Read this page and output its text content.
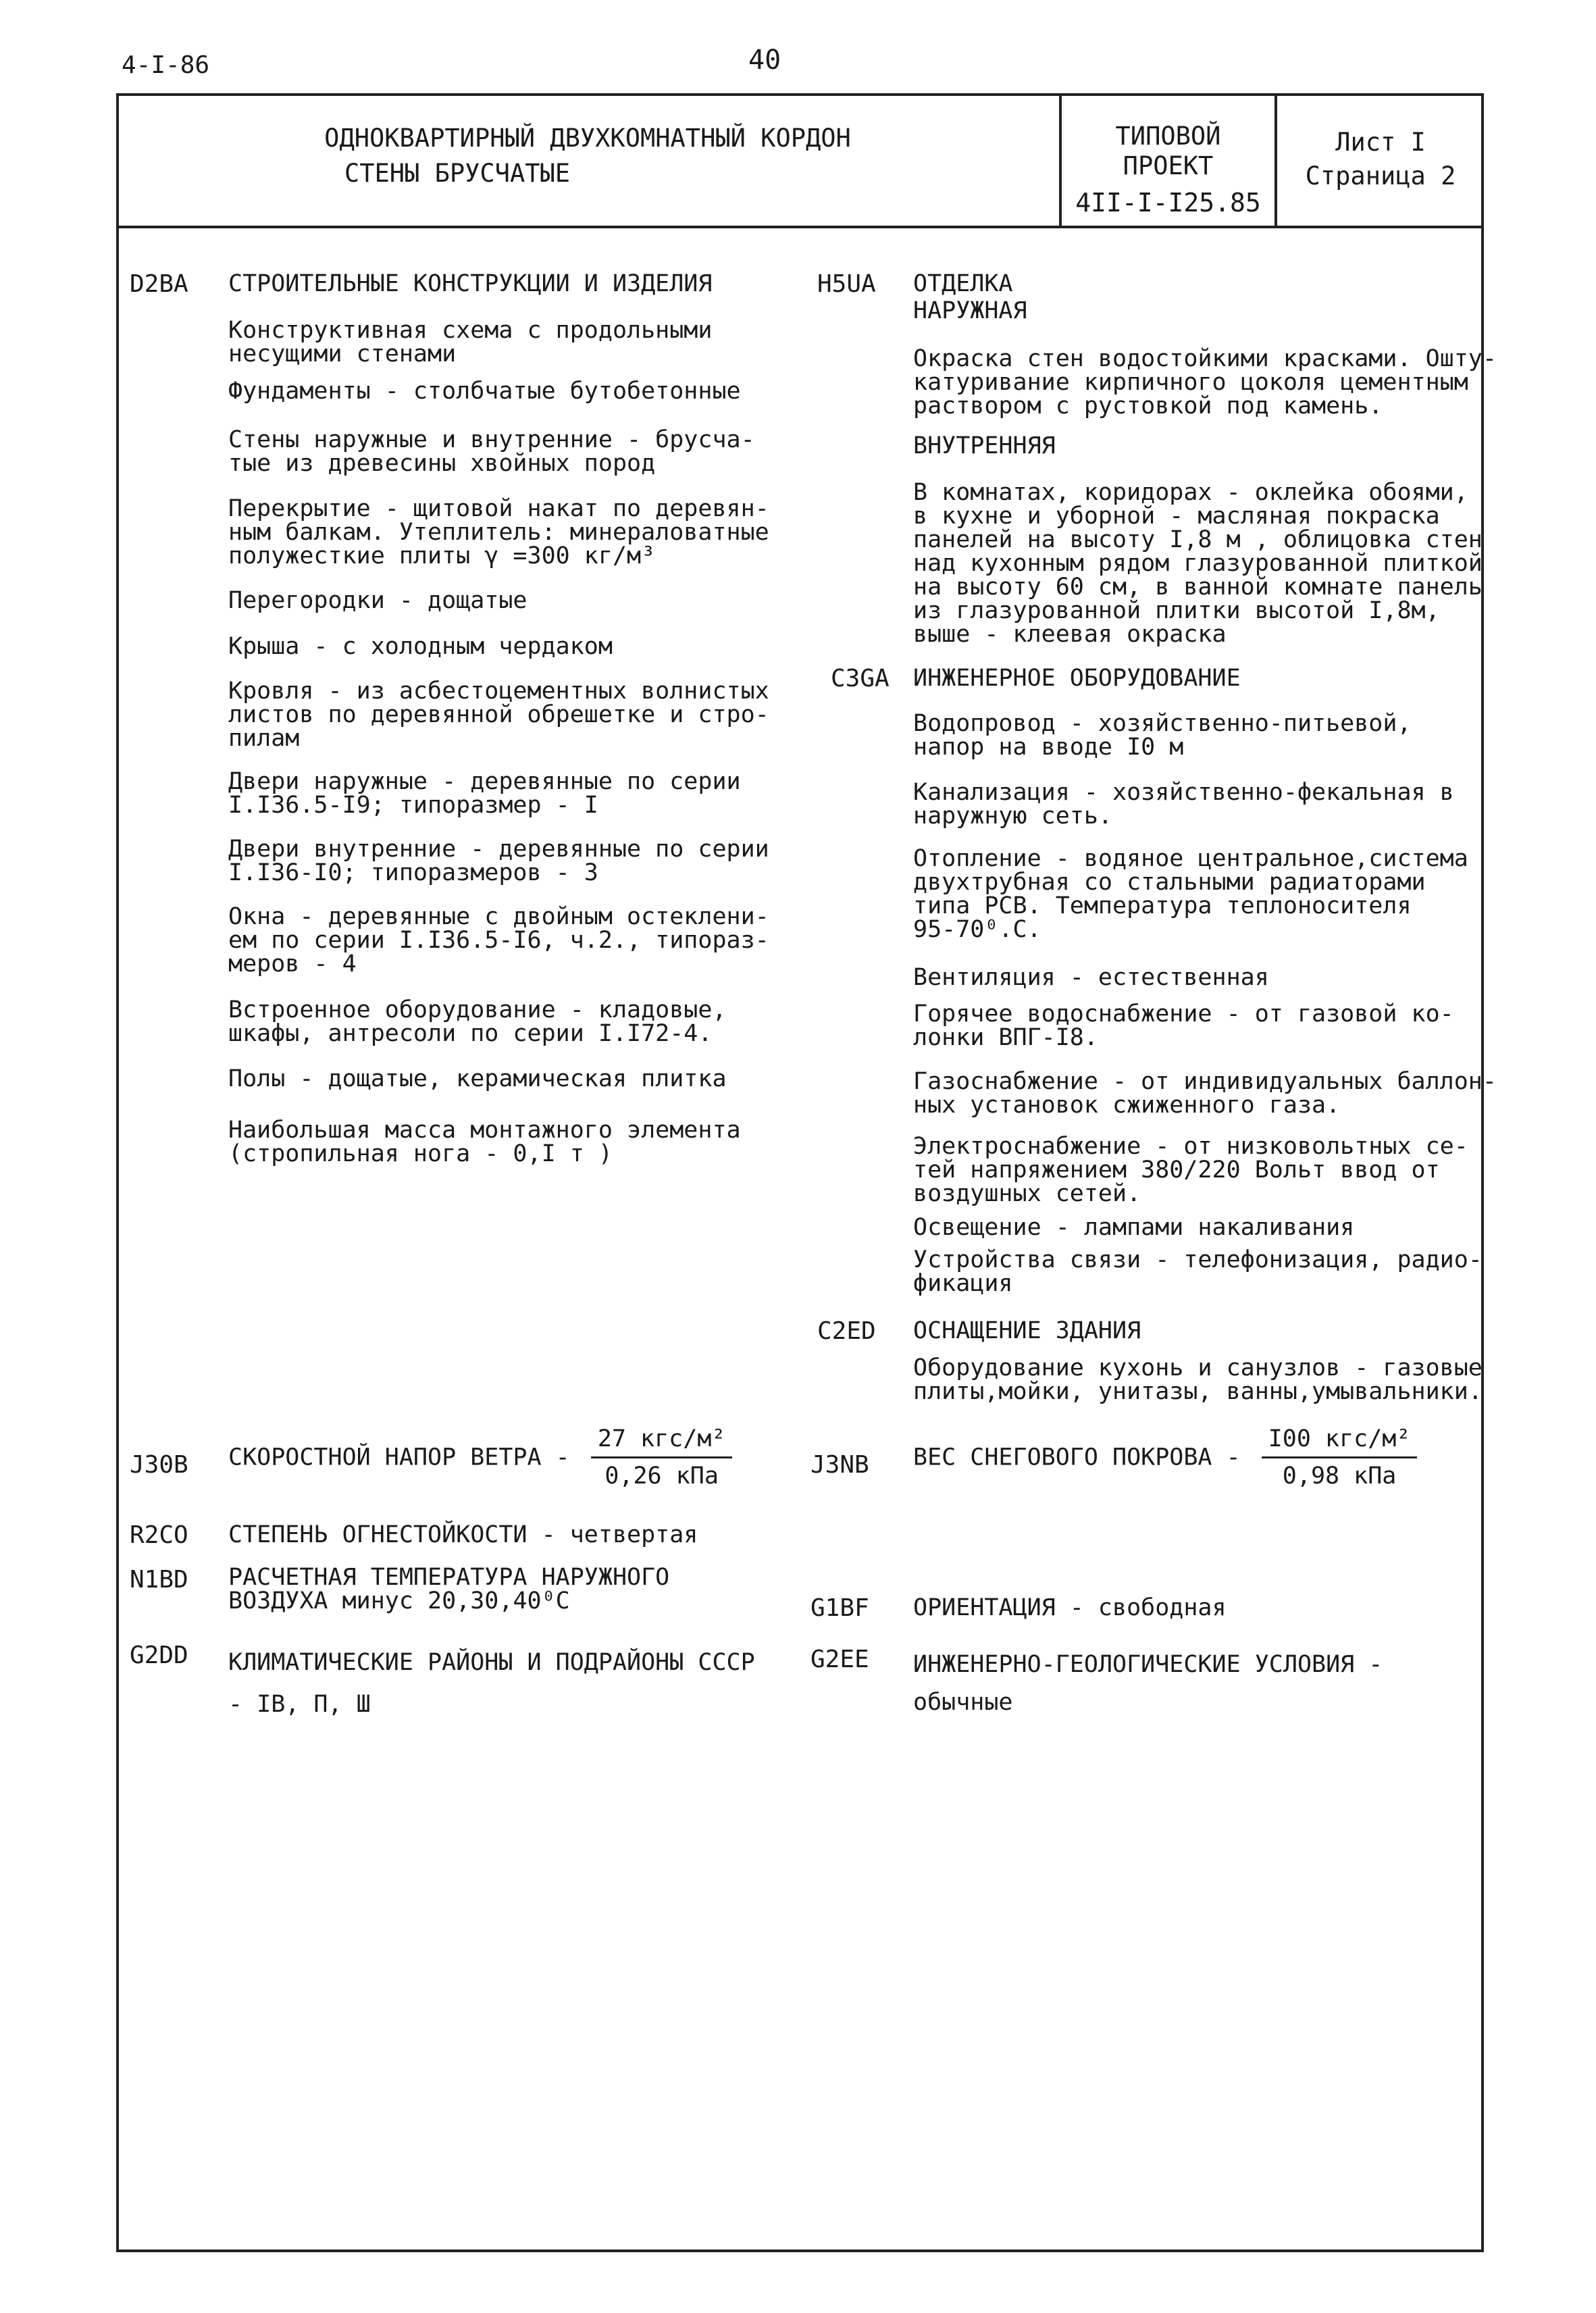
4-I-86	40
ОДНОКВАРТИРНЫЙ ДВУХКОМНАТНЫЙ КОРДОН
СТЕНЫ БРУСЧАТЫЕ
ТИПОВОЙ
ПРОЕКТ
4II-I-I25.85
Лист I
Страница 2
D2BA СТРОИТЕЛЬНЫЕ КОНСТРУКЦИИ И ИЗДЕЛИЯ	H5UA ОТДЕЛКА
НАРУЖНАЯ
ВНУТРЕННЯЯ
C3GA ИНЖЕНЕРНОЕ ОБОРУДОВАНИЕ
C2ED ОСНАЩЕНИЕ ЗДАНИЯ
Конструктивная схема с продольными
несущими стенами
Фундаменты - столбчатые бутобетонные
Стены наружные и внутренние - брусча-
тые из древесины хвойных пород
Перекрытие - щитовой накат по деревян-
ным балкам. Утеплитель: минераловатные
полужесткие плиты γ =300 кг/м³
Перегородки - дощатые
Крыша - с холодным чердаком
Кровля - из асбестоцементных волнистых
листов по деревянной обрешетке и стро-
пилам
Двери наружные - деревянные по серии
I.I36.5-I9; типоразмер - I
Двери внутренние - деревянные по серии
I.I36-I0; типоразмеров - 3
Окна - деревянные с двойным остеклени-
ем по серии I.I36.5-I6, ч.2., типораз-
меров - 4
Встроенное оборудование - кладовые,
шкафы, антресоли по серии I.I72-4.
Полы - дощатые, керамическая плитка
Наибольшая масса монтажного элемента
(стропильная нога - 0,I т )
Окраска стен водостойкими красками. Ошту-
катуривание кирпичного цоколя цементным
раствором с рустовкой под камень.
В комнатах, коридорах - оклейка обоями,
в кухне и уборной - масляная покраска
панелей на высоту I,8 м , облицовка стен
над кухонным рядом глазурованной плиткой
на высоту 60 см, в ванной комнате панель
из глазурованной плитки высотой I,8м,
выше - клеевая окраска
Водопровод - хозяйственно-питьевой,
напор на вводе I0 м
Канализация - хозяйственно-фекальная в
наружную сеть.
Отопление - водяное центральное,система
двухтрубная со стальными радиаторами
типа РСВ. Температура теплоносителя
95-70⁰.С.
Вентиляция - естественная
Горячее водоснабжение - от газовой ко-
лонки ВПГ-I8.
Газоснабжение - от индивидуальных баллон-
ных установок сжиженного газа.
Электроснабжение - от низковольтных се-
тей напряжением 380/220 Вольт ввод от
воздушных сетей.
Освещение - лампами накаливания
Устройства связи - телефонизация, радио-
фикация
Оборудование кухонь и санузлов - газовые
плиты,мойки, унитазы, ванны,умывальники.
J30B СКОРОСТНОЙ НАПОР ВЕТРА - $\frac{\text{27 кгс/м²}}{\text{0,26 кПа}}$	J3NB ВЕС СНЕГОВОГО ПОКРОВА - $\frac{\text{I00 кгс/м²}}{\text{0,98 кПа}}$
R2CO СТЕПЕНЬ ОГНЕСТОЙКОСТИ - четвертая
N1BD РАСЧЕТНАЯ ТЕМПЕРАТУРА НАРУЖНОГО
ВОЗДУХА минус 20,30,40⁰С	G1BF ОРИЕНТАЦИЯ - свободная
G2DD КЛИМАТИЧЕСКИЕ РАЙОНЫ И ПОДРАЙОНЫ СССР
- IB, П, Ш
G2EE ИНЖЕНЕРНО-ГЕОЛОГИЧЕСКИЕ УСЛОВИЯ -
обычные
